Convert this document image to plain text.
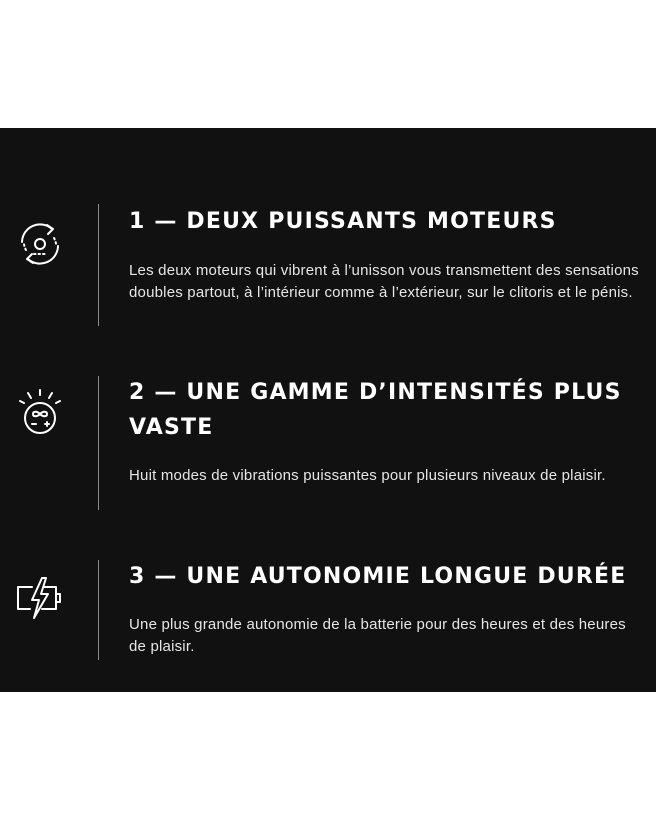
1 — DEUX PUISSANTS MOTEURS

Les deux moteurs qui vibrent à l’unisson vous transmettent des sensations doubles partout, à l’intérieur comme à l’extérieur, sur le clitoris et le pénis.

2 — UNE GAMME D’INTENSITÉS PLUS VASTE

Huit modes de vibrations puissantes pour plusieurs niveaux de plaisir.

3 — UNE AUTONOMIE LONGUE DURÉE

Une plus grande autonomie de la batterie pour des heures et des heures de plaisir.
